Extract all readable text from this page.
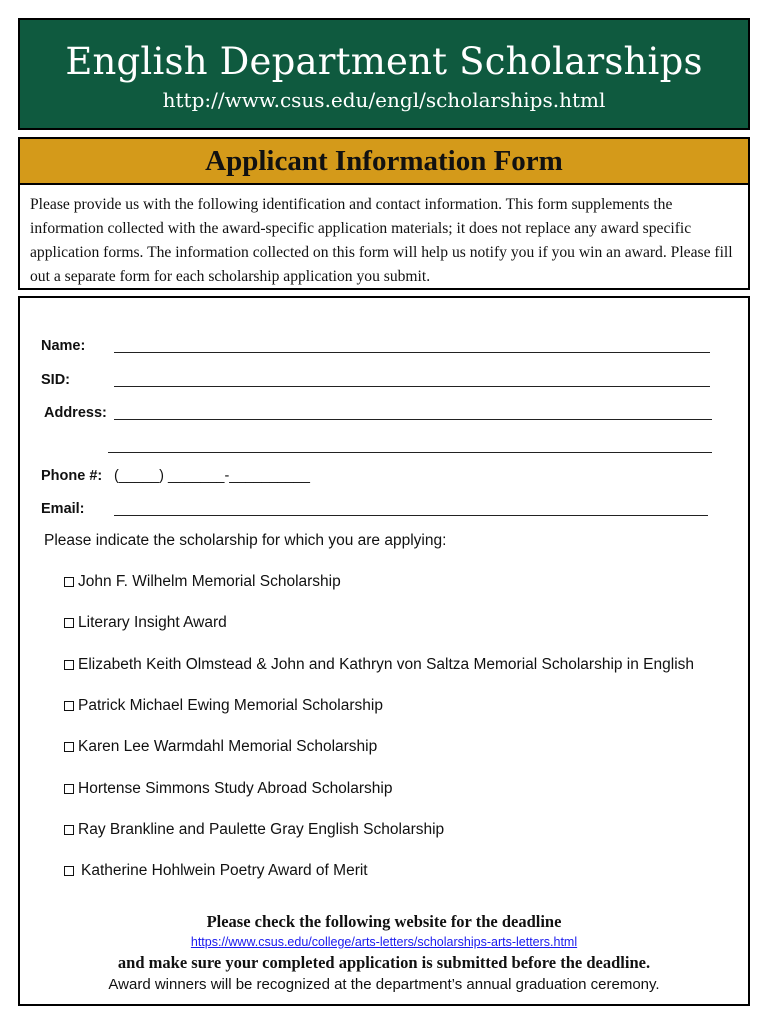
English Department Scholarships
http://www.csus.edu/engl/scholarships.html
Applicant Information Form
Please provide us with the following identification and contact information. This form supplements the information collected with the award-specific application materials; it does not replace any award specific application forms. The information collected on this form will help us notify you if you win an award. Please fill out a separate form for each scholarship application you submit.
Name:
SID:
Address:
Phone #: (_____) _______-__________
Email:
Please indicate the scholarship for which you are applying:
John F. Wilhelm Memorial Scholarship
Literary Insight Award
Elizabeth Keith Olmstead & John and Kathryn von Saltza Memorial Scholarship in English
Patrick Michael Ewing Memorial Scholarship
Karen Lee Warmdahl Memorial Scholarship
Hortense Simmons Study Abroad Scholarship
Ray Brankline and Paulette Gray English Scholarship
Katherine Hohlwein Poetry Award of Merit
Please check the following website for the deadline
https://www.csus.edu/college/arts-letters/scholarships-arts-letters.html
and make sure your completed application is submitted before the deadline.
Award winners will be recognized at the department’s annual graduation ceremony.
